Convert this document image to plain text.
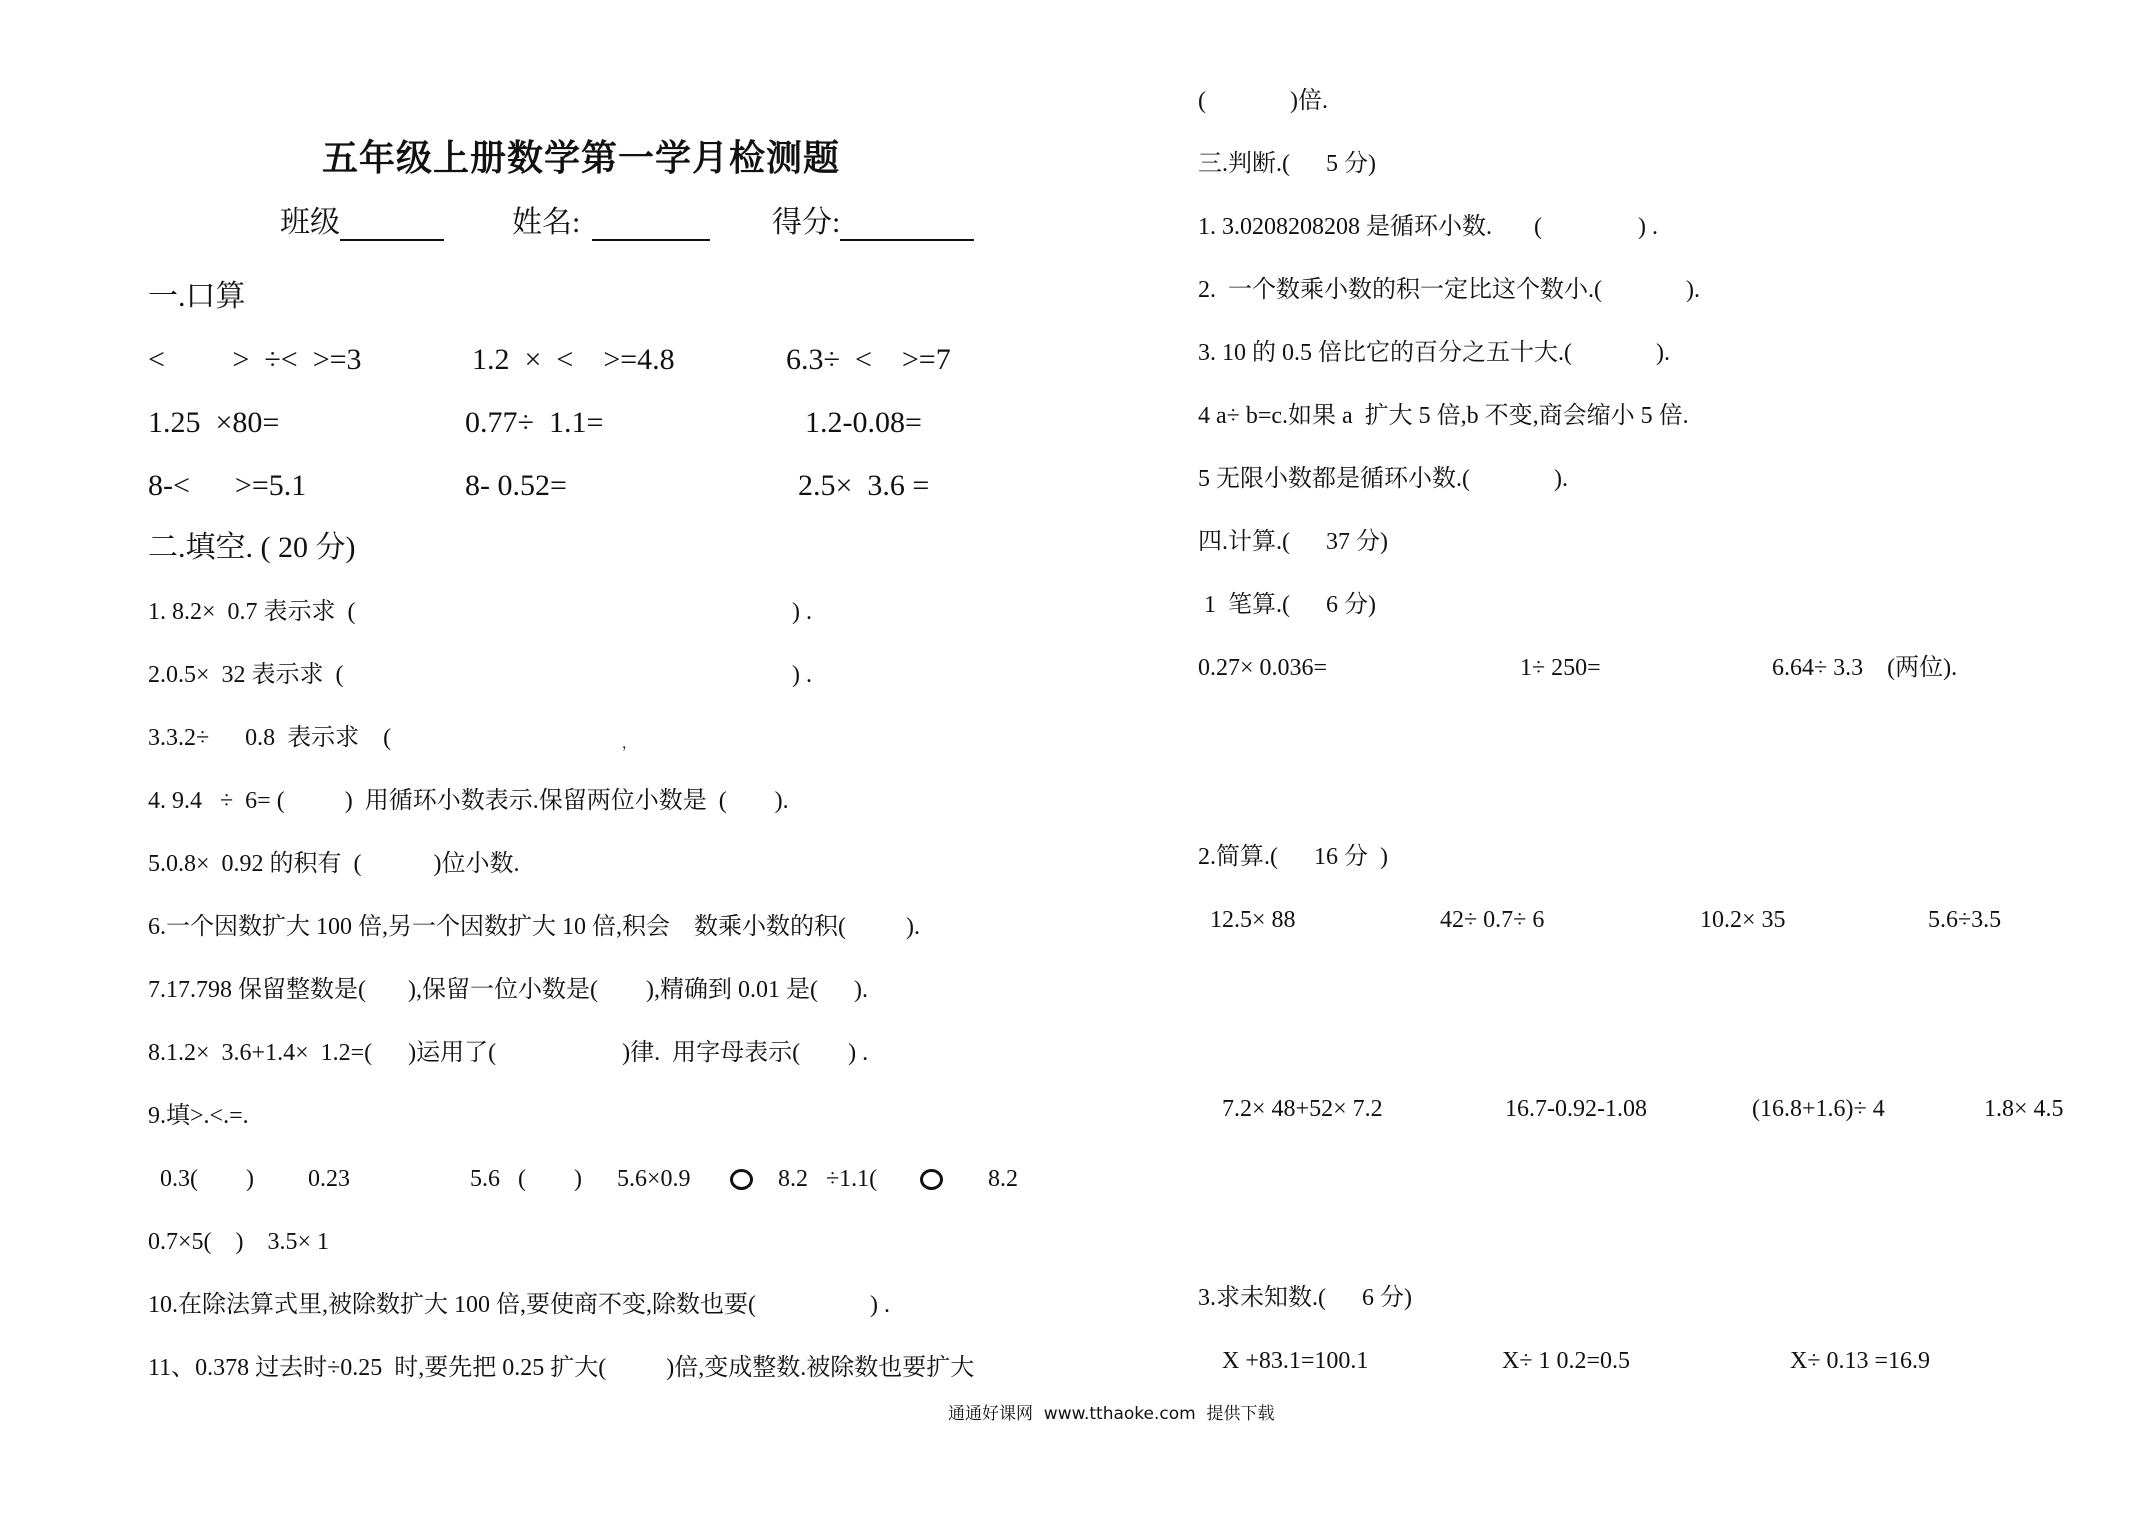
五年级上册数学第一学月检测题
班级	姓名:	得分:
一.口算
<         >  ÷<  >=3	1.2  ×  <    >=4.8	6.3÷  <    >=7
1.25  ×80=	0.77÷  1.1=	1.2-0.08=
8-<      >=5.1	8- 0.52=	2.5×  3.6 =
二.填空. ( 20 分)
1. 8.2×  0.7 表示求  (	) .
2.0.5×  32 表示求  (	) .
3.3.2÷      0.8  表示求    (	，
4. 9.4   ÷  6= (          )  用循环小数表示.保留两位小数是  (        ).
5.0.8×  0.92 的积有  (            )位小数.
6.一个因数扩大 100 倍,另一个因数扩大 10 倍,积会    数乘小数的积(          ).
7.17.798 保留整数是(       ),保留一位小数是(        ),精确到 0.01 是(      ).
8.1.2×  3.6+1.4×  1.2=(      )运用了(                     )律.  用字母表示(        ) .
9.填>.<.=.
0.3(        ) 0.23	5.6   (        ) 5.6×0.9	8.2   ÷1.1(	8.2
0.7×5(    )    3.5× 1
10.在除法算式里,被除数扩大 100 倍,要使商不变,除数也要(                   ) .
11、0.378 过去时÷0.25  时,要先把 0.25 扩大(          )倍,变成整数.被除数也要扩大
(              )倍.
三.判断.(      5 分)
1. 3.0208208208 是循环小数.       (                ) .
2.  一个数乘小数的积一定比这个数小.(              ).
3. 10 的 0.5 倍比它的百分之五十大.(              ).
4 a÷ b=c.如果 a  扩大 5 倍,b 不变,商会缩小 5 倍.
5 无限小数都是循环小数.(              ).
四.计算.(      37 分)
1  笔算.(      6 分)
0.27× 0.036=	1÷ 250=	6.64÷ 3.3    (两位).
2.简算.(      16 分  )
12.5× 88	42÷ 0.7÷ 6	10.2× 35	5.6÷3.5
7.2× 48+52× 7.2	16.7-0.92-1.08	(16.8+1.6)÷ 4	1.8× 4.5
3.求未知数.(      6 分)
X +83.1=100.1	X÷ 1 0.2=0.5	X÷ 0.13 =16.9
通通好课网  www.tthaoke.com  提供下载
